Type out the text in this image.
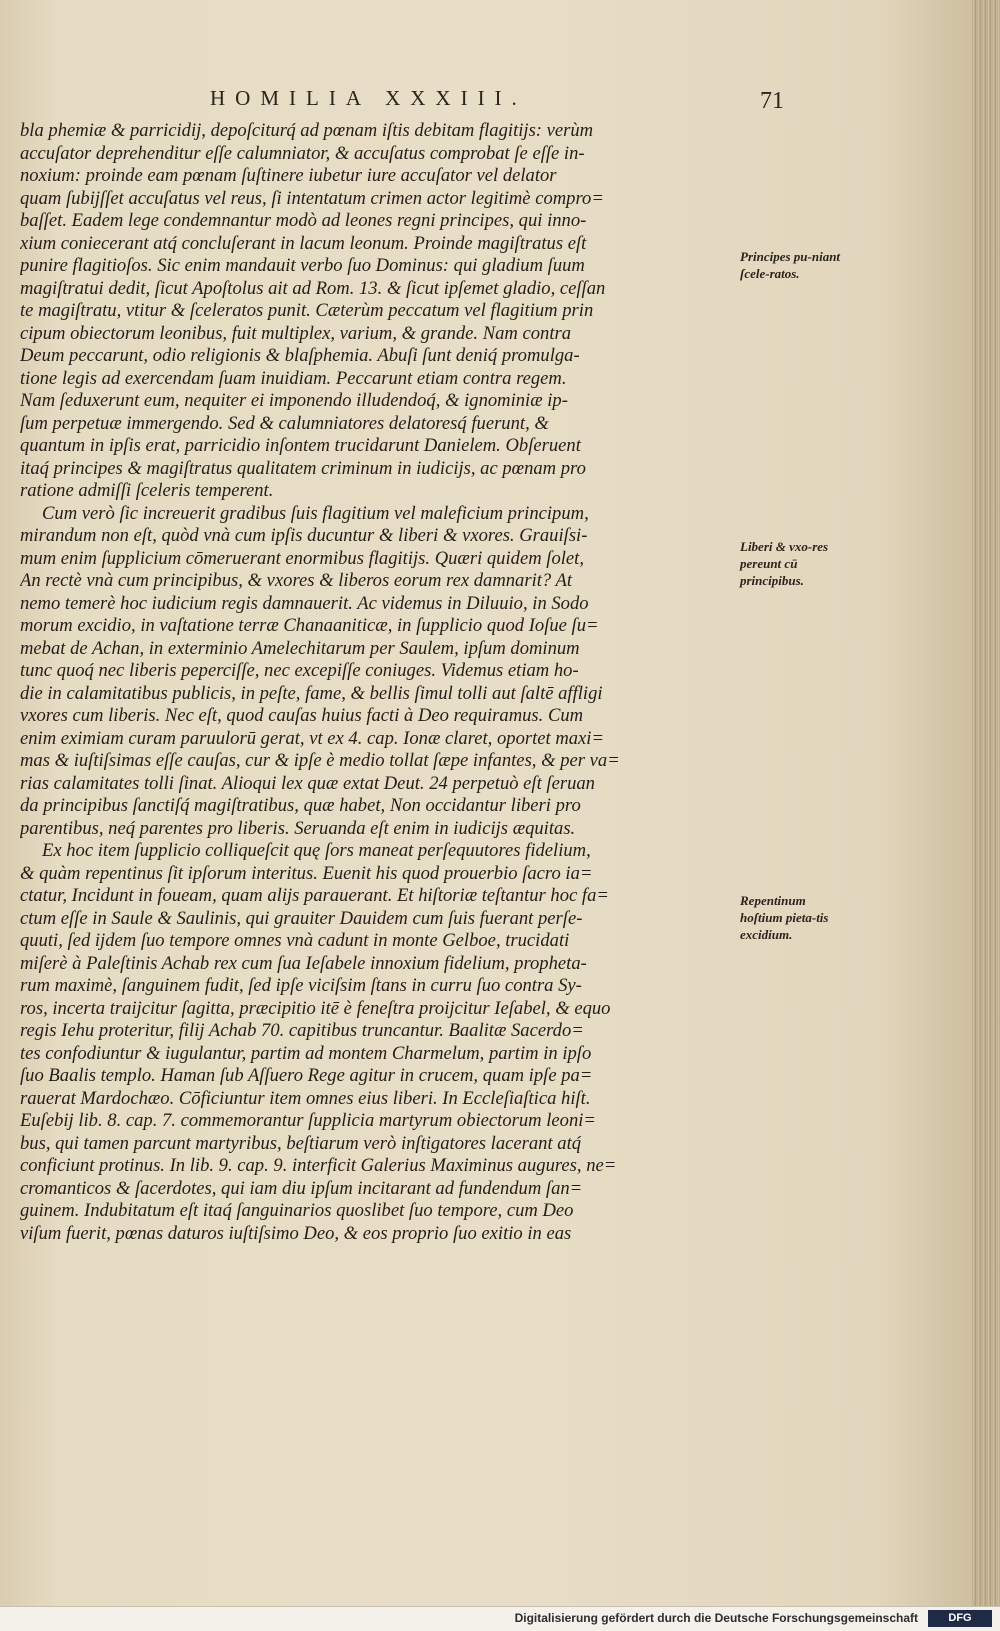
HOMILIA XXXIII.	71
bla phemiæ & parricidij, depoſciturq́ ad pœnam iſtis debitam flagitijs: verùm
accuſator deprehenditur eſſe calumniator, & accuſatus comprobat ſe eſſe in-
noxium: proinde eam pœnam ſuſtinere iubetur iure accuſator vel delator
quam ſubijſſet accuſatus vel reus, ſi intentatum crimen actor legitimè compro=
baſſet. Eadem lege condemnantur modò ad leones regni principes, qui inno-
xium coniecerant atq́ concluſerant in lacum leonum. Proinde magiſtratus eſt
punire flagitioſos. Sic enim mandauit verbo ſuo Dominus: qui gladium ſuum
magiſtratui dedit, ſicut Apoſtolus ait ad Rom. 13. & ſicut ipſemet gladio, ceſſan
te magiſtratu, vtitur & ſceleratos punit. Cæterùm peccatum vel flagitium prin
cipum obiectorum leonibus, fuit multiplex, varium, & grande. Nam contra
Deum peccarunt, odio religionis & blaſphemia. Abuſi ſunt deniq́ promulga-
tione legis ad exercendam ſuam inuidiam. Peccarunt etiam contra regem.
Nam ſeduxerunt eum, nequiter ei imponendo illudendoq́, & ignominiæ ip-
ſum perpetuæ immergendo. Sed & calumniatores delatoresq́ fuerunt, &
quantum in ipſis erat, parricidio inſontem trucidarunt Danielem. Obſeruent
itaq́ principes & magiſtratus qualitatem criminum in iudicijs, ac pœnam pro
ratione admiſſi ſceleris temperent.
Cum verò ſic increuerit gradibus ſuis flagitium vel maleficium principum,
mirandum non eſt, quòd vnà cum ipſis ducuntur & liberi & vxores. Grauiſsi-
mum enim ſupplicium cōmeruerant enormibus flagitijs. Quæri quidem ſolet,
An rectè vnà cum principibus, & vxores & liberos eorum rex damnarit? At
nemo temerè hoc iudicium regis damnauerit. Ac videmus in Diluuio, in Sodo
morum excidio, in vaſtatione terræ Chanaaniticæ, in ſupplicio quod Ioſue ſu=
mebat de Achan, in exterminio Amelechitarum per Saulem, ipſum dominum
tunc quoq́ nec liberis peperciſſe, nec excepiſſe coniuges. Videmus etiam ho-
die in calamitatibus publicis, in peſte, fame, & bellis ſimul tolli aut ſaltē affligi
vxores cum liberis. Nec eſt, quod cauſas huius facti à Deo requiramus. Cum
enim eximiam curam paruulorū gerat, vt ex 4. cap. Ionæ claret, oportet maxi=
mas & iuſtiſsimas eſſe cauſas, cur & ipſe è medio tollat ſæpe infantes, & per va=
rias calamitates tolli ſinat. Alioqui lex quæ extat Deut. 24 perpetuò eſt ſeruan
da principibus ſanctiſq́ magiſtratibus, quæ habet, Non occidantur liberi pro
parentibus, neq́ parentes pro liberis. Seruanda eſt enim in iudicijs æquitas.
Ex hoc item ſupplicio colliqueſcit quę ſors maneat perſequutores fidelium,
& quàm repentinus ſit ipſorum interitus. Euenit his quod prouerbio ſacro ia=
ctatur, Incidunt in foueam, quam alijs parauerant. Et hiſtoriæ teſtantur hoc fa=
ctum eſſe in Saule & Saulinis, qui grauiter Dauidem cum ſuis fuerant perſe-
quuti, ſed ijdem ſuo tempore omnes vnà cadunt in monte Gelboe, trucidati
miſerè à Paleſtinis Achab rex cum ſua Ieſabele innoxium fidelium, propheta-
rum maximè, ſanguinem fudit, ſed ipſe viciſsim ſtans in curru ſuo contra Sy-
ros, incerta traijcitur ſagitta, præcipitio itē è feneſtra proijcitur Ieſabel, & equo
regis Iehu proteritur, filij Achab 70. capitibus truncantur. Baalitæ Sacerdo=
tes confodiuntur & iugulantur, partim ad montem Charmelum, partim in ipſo
ſuo Baalis templo. Haman ſub Aſſuero Rege agitur in crucem, quam ipſe pa=
rauerat Mardochæo. Cōficiuntur item omnes eius liberi. In Eccleſiaſtica hiſt.
Euſebij lib. 8. cap. 7. commemorantur ſupplicia martyrum obiectorum leoni=
bus, qui tamen parcunt martyribus, beſtiarum verò inſtigatores lacerant atq́
conficiunt protinus. In lib. 9. cap. 9. interficit Galerius Maximinus augures, ne=
cromanticos & ſacerdotes, qui iam diu ipſum incitarant ad fundendum ſan=
guinem. Indubitatum eſt itaq́ ſanguinarios quoslibet ſuo tempore, cum Deo
viſum fuerit, pœnas daturos iuſtiſsimo Deo, & eos proprio ſuo exitio in eas
Principes pu-niant ſcele-ratos.
Liberi & vxo-res pereunt cū principibus.
Repentinum hoſtium pieta-tis excidium.
Digitalisierung gefördert durch die Deutsche Forschungsgemeinschaft	DFG
